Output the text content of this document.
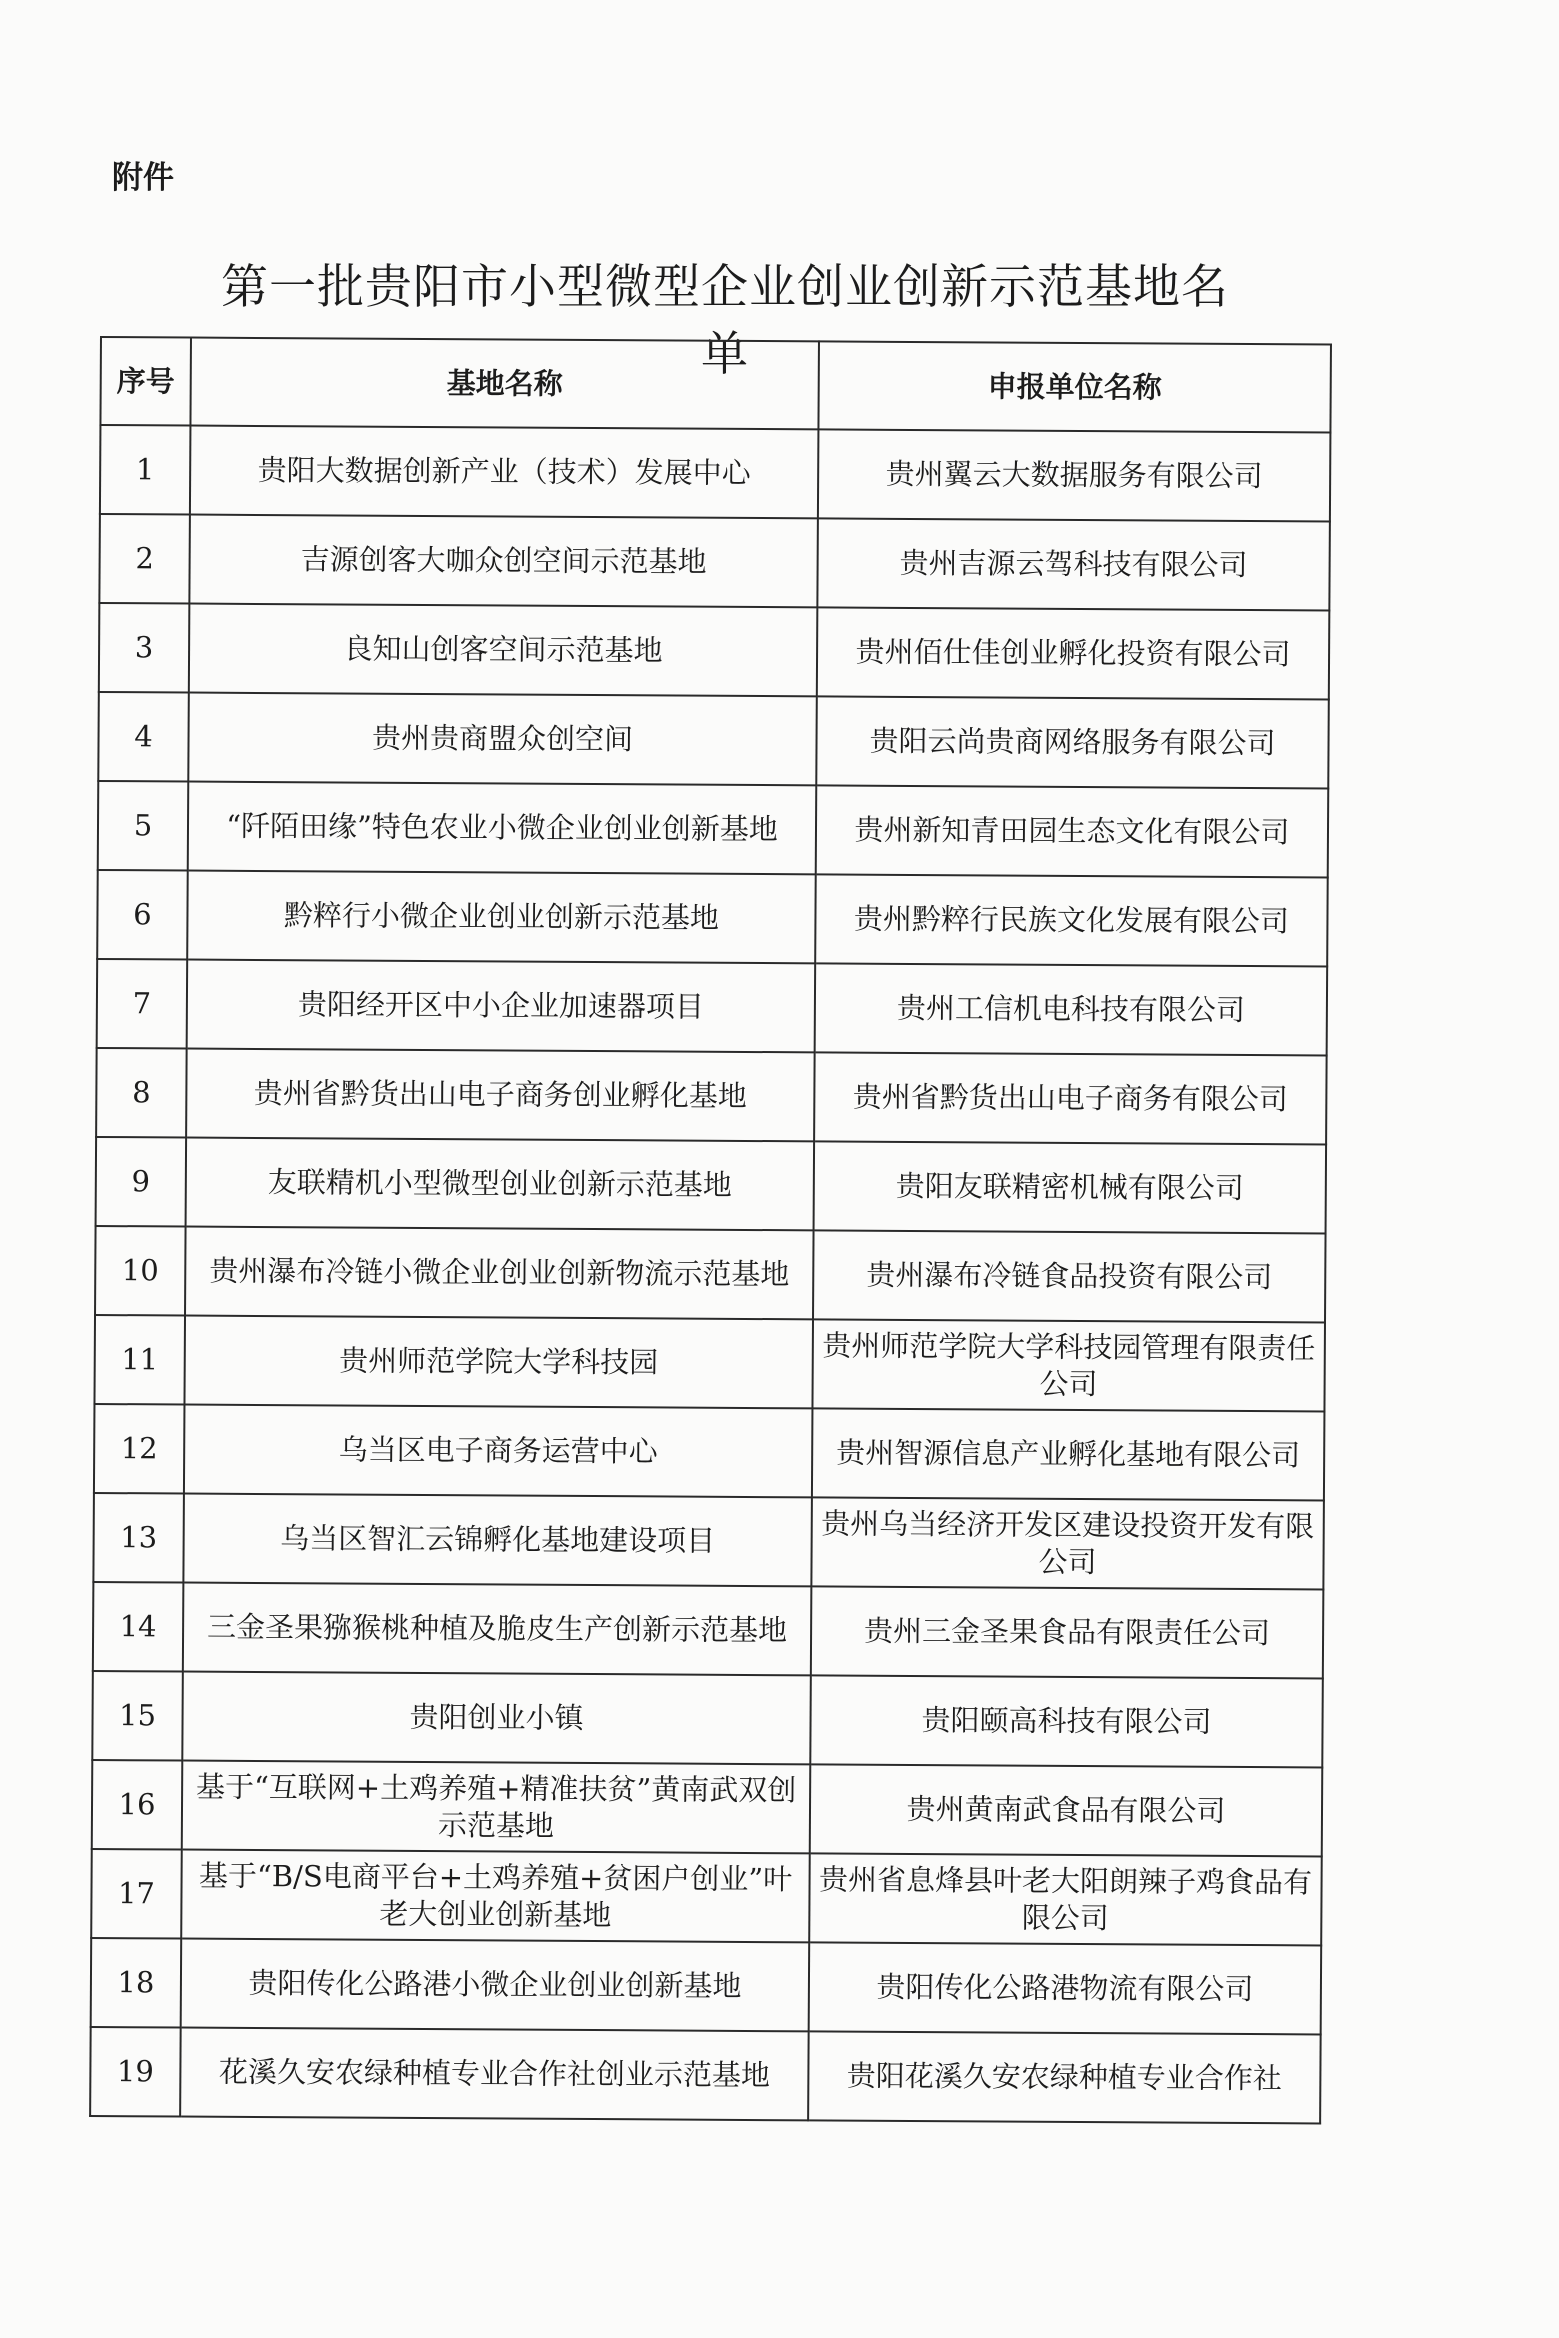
附件
第一批贵阳市小型微型企业创业创新示范基地名单
序号	基地名称	申报单位名称
1	贵阳大数据创新产业（技术）发展中心	贵州翼云大数据服务有限公司
2	吉源创客大咖众创空间示范基地	贵州吉源云驾科技有限公司
3	良知山创客空间示范基地	贵州佰仕佳创业孵化投资有限公司
4	贵州贵商盟众创空间	贵阳云尚贵商网络服务有限公司
5	“阡陌田缘”特色农业小微企业创业创新基地	贵州新知青田园生态文化有限公司
6	黔粹行小微企业创业创新示范基地	贵州黔粹行民族文化发展有限公司
7	贵阳经开区中小企业加速器项目	贵州工信机电科技有限公司
8	贵州省黔货出山电子商务创业孵化基地	贵州省黔货出山电子商务有限公司
9	友联精机小型微型创业创新示范基地	贵阳友联精密机械有限公司
10	贵州瀑布冷链小微企业创业创新物流示范基地	贵州瀑布冷链食品投资有限公司
11	贵州师范学院大学科技园	贵州师范学院大学科技园管理有限责任公司
12	乌当区电子商务运营中心	贵州智源信息产业孵化基地有限公司
13	乌当区智汇云锦孵化基地建设项目	贵州乌当经济开发区建设投资开发有限公司
14	三金圣果猕猴桃种植及脆皮生产创新示范基地	贵州三金圣果食品有限责任公司
15	贵阳创业小镇	贵阳颐高科技有限公司
16	基于“互联网+土鸡养殖+精准扶贫”黄南武双创示范基地	贵州黄南武食品有限公司
17	基于“B/S电商平台+土鸡养殖+贫困户创业”叶老大创业创新基地	贵州省息烽县叶老大阳朗辣子鸡食品有限公司
18	贵阳传化公路港小微企业创业创新基地	贵阳传化公路港物流有限公司
19	花溪久安农绿种植专业合作社创业示范基地	贵阳花溪久安农绿种植专业合作社
